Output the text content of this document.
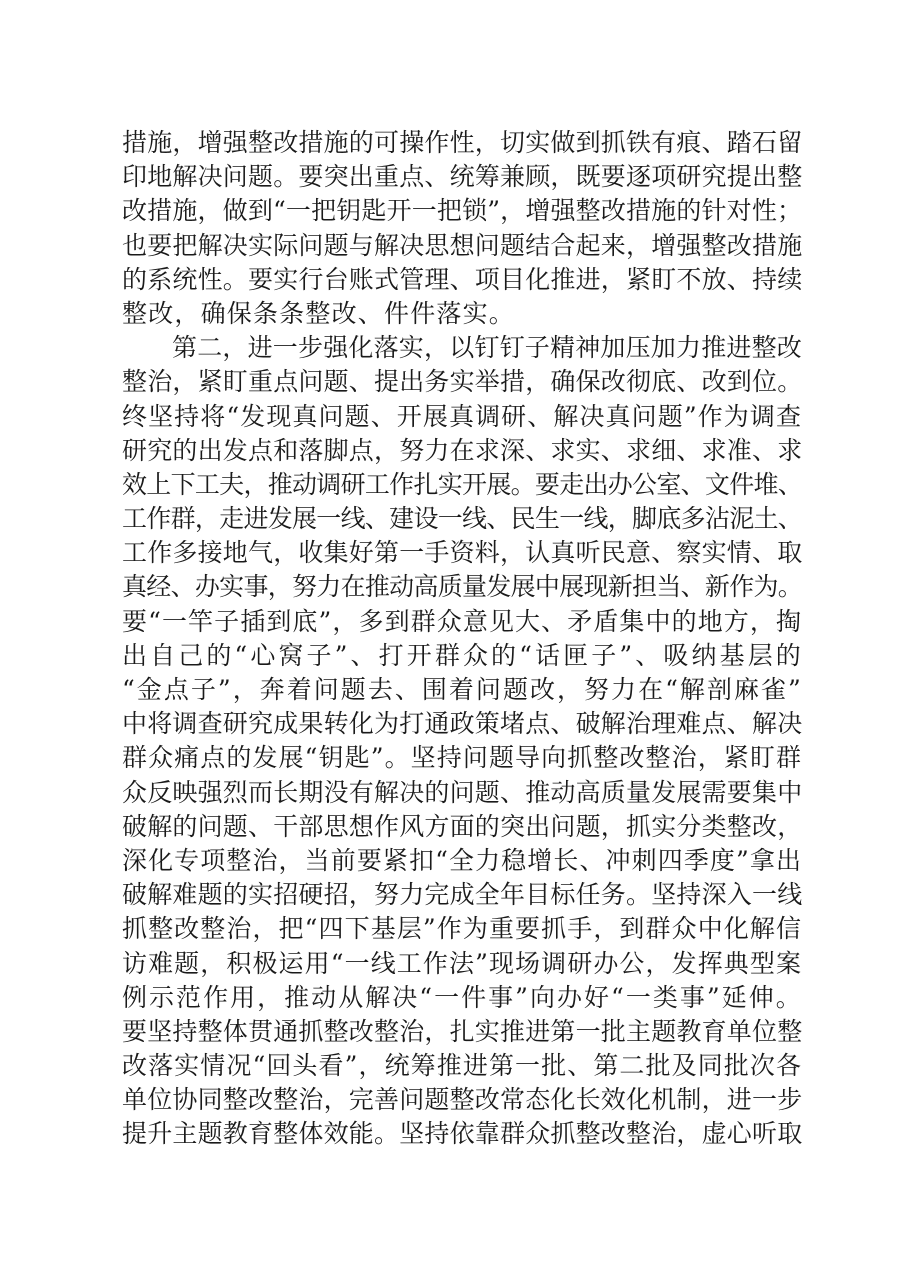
措施，增强整改措施的可操作性，切实做到抓铁有痕、踏石留
印地解决问题。要突出重点、统筹兼顾，既要逐项研究提出整
改措施，做到“一把钥匙开一把锁”，增强整改措施的针对性；
也要把解决实际问题与解决思想问题结合起来，增强整改措施
的系统性。要实行台账式管理、项目化推进，紧盯不放、持续
整改，确保条条整改、件件落实。
第二，进一步强化落实，以钉钉子精神加压加力推进整改
整治，紧盯重点问题、提出务实举措，确保改彻底、改到位。
终坚持将“发现真问题、开展真调研、解决真问题”作为调查
研究的出发点和落脚点，努力在求深、求实、求细、求准、求
效上下工夫，推动调研工作扎实开展。要走出办公室、文件堆、
工作群，走进发展一线、建设一线、民生一线，脚底多沾泥土、
工作多接地气，收集好第一手资料，认真听民意、察实情、取
真经、办实事，努力在推动高质量发展中展现新担当、新作为。
要“一竿子插到底”，多到群众意见大、矛盾集中的地方，掏
出自己的“心窝子”、打开群众的“话匣子”、吸纳基层的
“金点子”，奔着问题去、围着问题改，努力在“解剖麻雀”
中将调查研究成果转化为打通政策堵点、破解治理难点、解决
群众痛点的发展“钥匙”。坚持问题导向抓整改整治，紧盯群
众反映强烈而长期没有解决的问题、推动高质量发展需要集中
破解的问题、干部思想作风方面的突出问题，抓实分类整改，
深化专项整治，当前要紧扣“全力稳增长、冲刺四季度”拿出
破解难题的实招硬招，努力完成全年目标任务。坚持深入一线
抓整改整治，把“四下基层”作为重要抓手，到群众中化解信
访难题，积极运用“一线工作法”现场调研办公，发挥典型案
例示范作用，推动从解决“一件事”向办好“一类事”延伸。
要坚持整体贯通抓整改整治，扎实推进第一批主题教育单位整
改落实情况“回头看”，统筹推进第一批、第二批及同批次各
单位协同整改整治，完善问题整改常态化长效化机制，进一步
提升主题教育整体效能。坚持依靠群众抓整改整治，虚心听取
